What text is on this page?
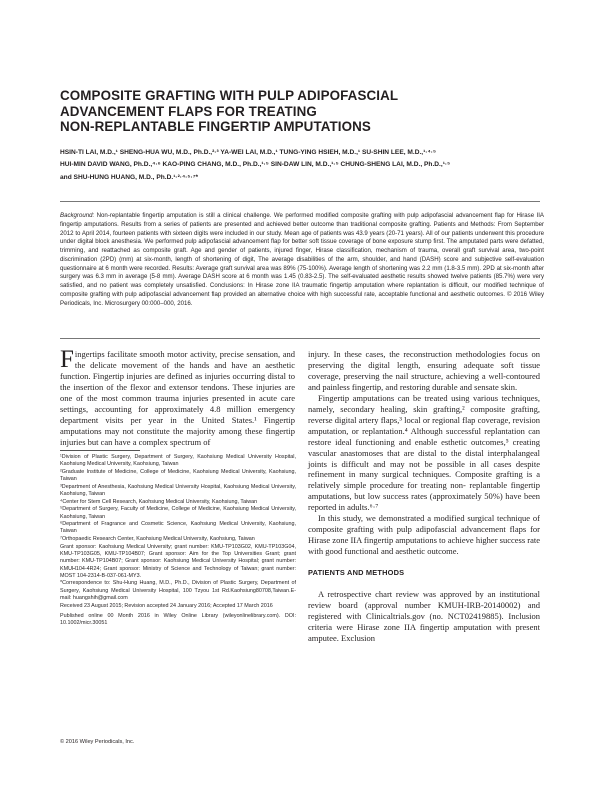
COMPOSITE GRAFTING WITH PULP ADIPOFASCIAL
ADVANCEMENT FLAPS FOR TREATING
NON-REPLANTABLE FINGERTIP AMPUTATIONS
HSIN-TI LAI, M.D.,¹ SHENG-HUA WU, M.D., Ph.D.,²·³ YA-WEI LAI, M.D.,¹ TUNG-YING HSIEH, M.D.,¹ SU-SHIN LEE, M.D.,¹·⁴·⁵
HUI-MIN DAVID WANG, Ph.D.,⁴·⁶ KAO-PING CHANG, M.D., Ph.D.,¹·⁵ SIN-DAW LIN, M.D.,¹·⁵ CHUNG-SHENG LAI, M.D., Ph.D.,¹·⁵
and SHU-HUNG HUANG, M.D., Ph.D.¹·²·⁴·⁵·⁷*

Background: Non-replantable fingertip amputation is still a clinical challenge. We performed modified composite grafting with pulp adipofascial advancement flap for Hirase IIA fingertip amputations. Results from a series of patients are presented and achieved better outcome than traditional composite grafting. Patients and Methods: From September 2012 to April 2014, fourteen patients with sixteen digits were included in our study. Mean age of patients was 43.9 years (20-71 years). All of our patients underwent this procedure under digital block anesthesia. We performed pulp adipofascial advancement flap for better soft tissue coverage of bone exposure stump first. The amputated parts were defatted, trimming, and reattached as composite graft. Age and gender of patients, injured finger, Hirase classification, mechanism of trauma, overall graft survival area, two-point discrimination (2PD) (mm) at six-month, length of shortening of digit, The average disabilities of the arm, shoulder, and hand (DASH) score and subjective self-evaluation questionnaire at 6 month were recorded. Results: Average graft survival area was 89% (75-100%). Average length of shortening was 2.2 mm (1.8-3.5 mm). 2PD at six-month after surgery was 6.3 mm in average (5-8 mm). Average DASH score at 6 month was 1.45 (0.83-2.5). The self-evaluated aesthetic results showed twelve patients (85.7%) were very satisfied, and no patient was completely unsatisfied. Conclusions: In Hirase zone IIA traumatic fingertip amputation where replantation is difficult, our modified technique of composite grafting with pulp adipofascial advancement flap provided an alternative choice with high successful rate, acceptable functional and aesthetic outcomes. © 2016 Wiley Periodicals, Inc. Microsurgery 00:000–000, 2016.

Fingertips facilitate smooth motor activity, precise sensation, and the delicate movement of the hands and have an aesthetic function. Fingertip injuries are defined as injuries occurring distal to the insertion of the flexor and extensor tendons. These injuries are one of the most common trauma injuries presented in acute care settings, accounting for approximately 4.8 million emergency department visits per year in the United States.¹ Fingertip amputations may not constitute the majority among these fingertip injuries but can have a complex spectrum of

¹Division of Plastic Surgery, Department of Surgery, Kaohsiung Medical University Hospital, Kaohsiung Medical University, Kaohsiung, Taiwan
²Graduate Institute of Medicine, College of Medicine, Kaohsiung Medical University, Kaohsiung, Taiwan
³Department of Anesthesia, Kaohsiung Medical University Hospital, Kaohsiung Medical University, Kaohsiung, Taiwan
⁴Center for Stem Cell Research, Kaohsiung Medical University, Kaohsiung, Taiwan
⁵Department of Surgery, Faculty of Medicine, College of Medicine, Kaohsiung Medical University, Kaohsiung, Taiwan
⁶Department of Fragrance and Cosmetic Science, Kaohsiung Medical University, Kaohsiung, Taiwan
⁷Orthopaedic Research Center, Kaohsiung Medical University, Kaohsiung, Taiwan
Grant sponsor: Kaohsiung Medical University; grant number: KMU-TP103G02, KMU-TP103G04, KMU-TP103G05, KMU-TP104B07; Grant sponsor: Aim for the Top Universities Grant; grant number: KMU-TP104B07; Grant sponsor: Kaohsiung Medical University Hospital; grant number: KMUH104-4R24; Grant sponsor: Ministry of Science and Technology of Taiwan; grant number: MOST 104-2314-B-037-061-MY3.
*Correspondence to: Shu-Hung Huang, M.D., Ph.D., Division of Plastic Surgery, Department of Surgery, Kaohsiung Medical University Hospital, 100 Tzyou 1st Rd.Kaohsiung80708,Taiwan.E-mail: huangshih@gmail.com
Received 23 August 2015; Revision accepted 24 January 2016; Accepted 17 March 2016
Published online 00 Month 2016 in Wiley Online Library (wileyonlinelibrary.com). DOI: 10.1002/micr.30051
© 2016 Wiley Periodicals, Inc.

injury. In these cases, the reconstruction methodologies focus on preserving the digital length, ensuring adequate soft tissue coverage, preserving the nail structure, achieving a well-contoured and painless fingertip, and restoring durable and sensate skin.

Fingertip amputations can be treated using various techniques, namely, secondary healing, skin grafting,² composite grafting, reverse digital artery flaps,³ local or regional flap coverage, revision amputation, or replantation.⁴ Although successful replantation can restore ideal functioning and enable esthetic outcomes,⁵ creating vascular anastomoses that are distal to the distal interphalangeal joints is difficult and may not be possible in all cases despite refinement in many surgical techniques. Composite grafting is a relatively simple procedure for treating non- replantable fingertip amputations, but low success rates (approximately 50%) have been reported in adults.⁶·⁷

In this study, we demonstrated a modified surgical technique of composite grafting with pulp adipofascial advancement flaps for Hirase zone IIA fingertip amputations to achieve higher success rate with good functional and aesthetic outcome.

PATIENTS AND METHODS

A retrospective chart review was approved by an institutional review board (approval number KMUH-IRB-20140002) and registered with Clinicaltrials.gov (no. NCT02419885). Inclusion criteria were Hirase zone IIA fingertip amputation with present amputee. Exclusion
